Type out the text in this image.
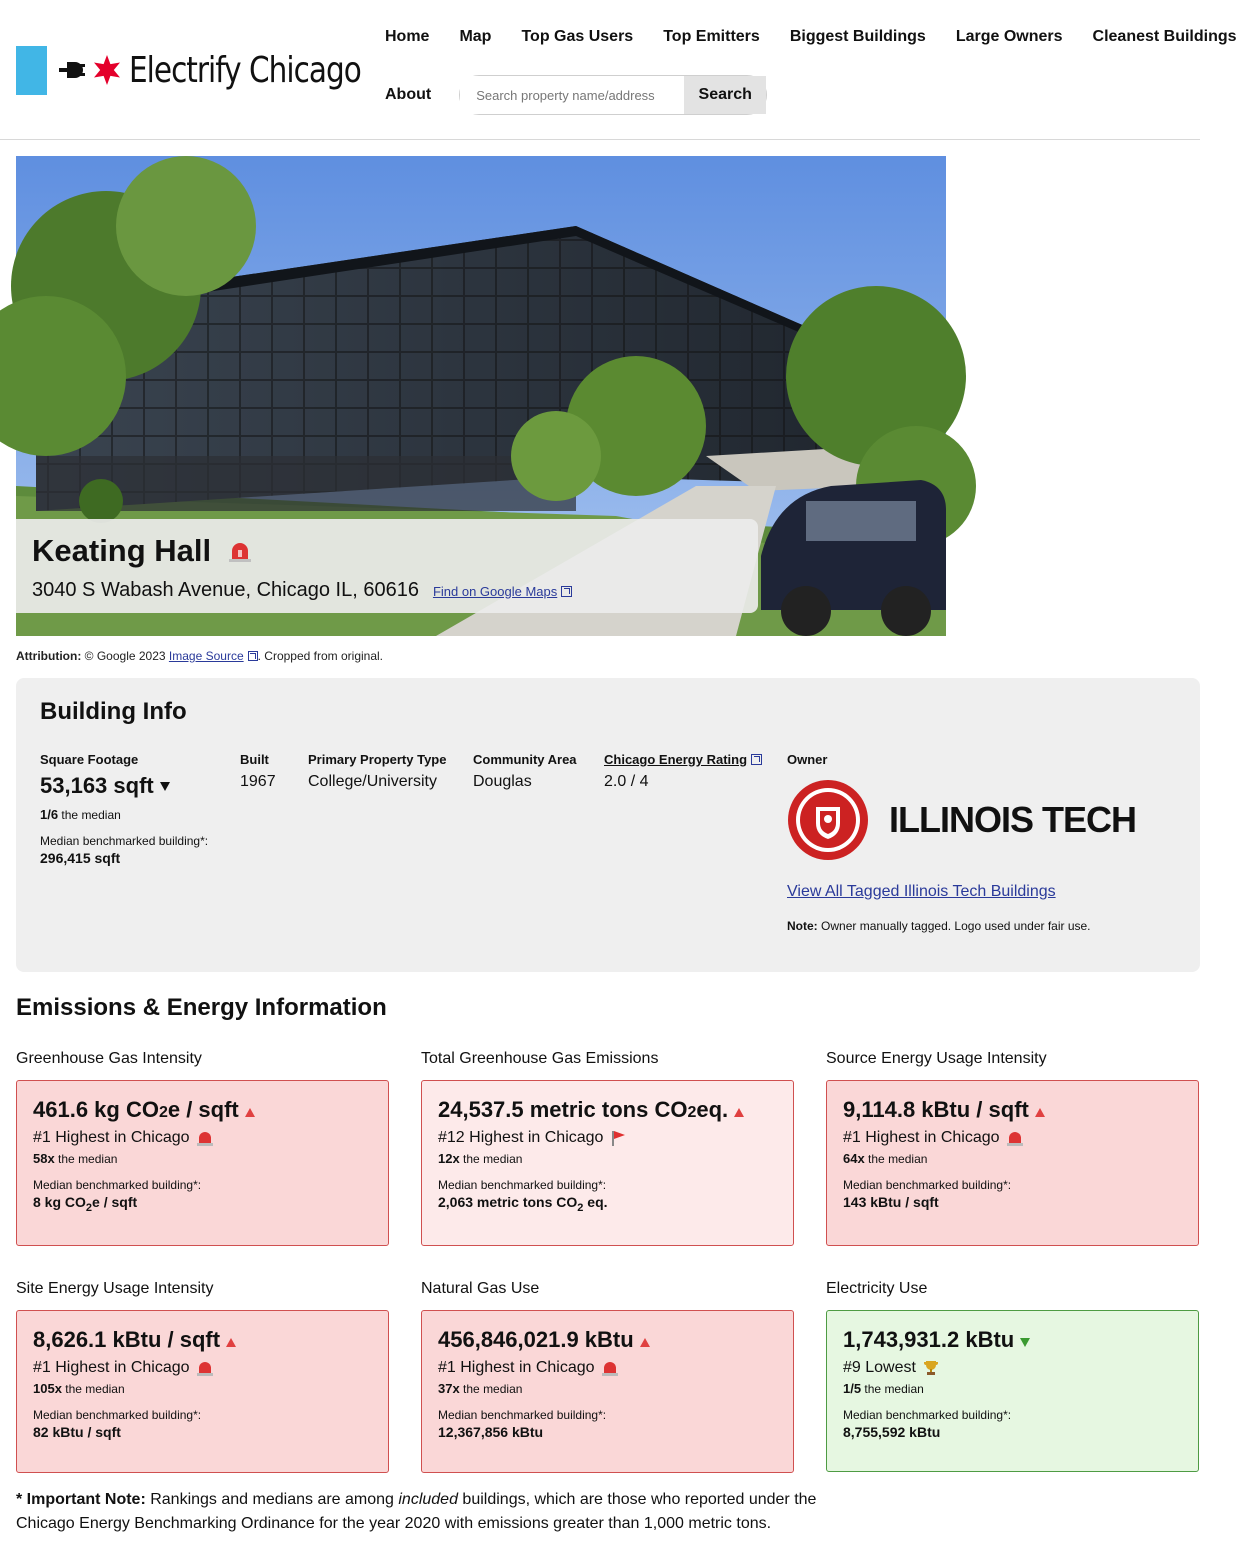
Electrify Chicago
Home Map Top Gas Users Top Emitters Biggest Buildings Large Owners Cleanest Buildings
About
Search property name/address	Search
Keating Hall
3040 S Wabash Avenue, Chicago IL, 60616 Find on Google Maps
Attribution: © Google 2023 Image Source . Cropped from original.
Building Info
Square Footage
53,163 sqft
1/6 the median
Median benchmarked building*:
296,415 sqft
Built
1967
Primary Property Type
College/University
Community Area
Douglas
Chicago Energy Rating
2.0 / 4
Owner
ILLINOIS TECH
View All Tagged Illinois Tech Buildings
Note: Owner manually tagged. Logo used under fair use.
Emissions & Energy Information
Greenhouse Gas Intensity
461.6 kg CO 2 e / sqft
#1 Highest in Chicago
58x the median
Median benchmarked building*:
8 kg $CO_2e$ / sqft
Total Greenhouse Gas Emissions
24,537.5 metric tons CO 2 eq.
#12 Highest in Chicago
12x the median
Median benchmarked building*:
2,063 metric tons $CO_2$ eq.
Source Energy Usage Intensity
9,114.8 kBtu / sqft
#1 Highest in Chicago
64x the median
Median benchmarked building*:
143 kBtu / sqft
Site Energy Usage Intensity
8,626.1 kBtu / sqft
#1 Highest in Chicago
105x the median
Median benchmarked building*:
82 kBtu / sqft
Natural Gas Use
456,846,021.9 kBtu
#1 Highest in Chicago
37x the median
Median benchmarked building*:
12,367,856 kBtu
Electricity Use
1,743,931.2 kBtu
#9 Lowest
1/5 the median
Median benchmarked building*:
8,755,592 kBtu

* Important Note: Rankings and medians are among included buildings, which are those who reported under the Chicago Energy Benchmarking Ordinance for the year 2020 with emissions greater than 1,000 metric tons.
